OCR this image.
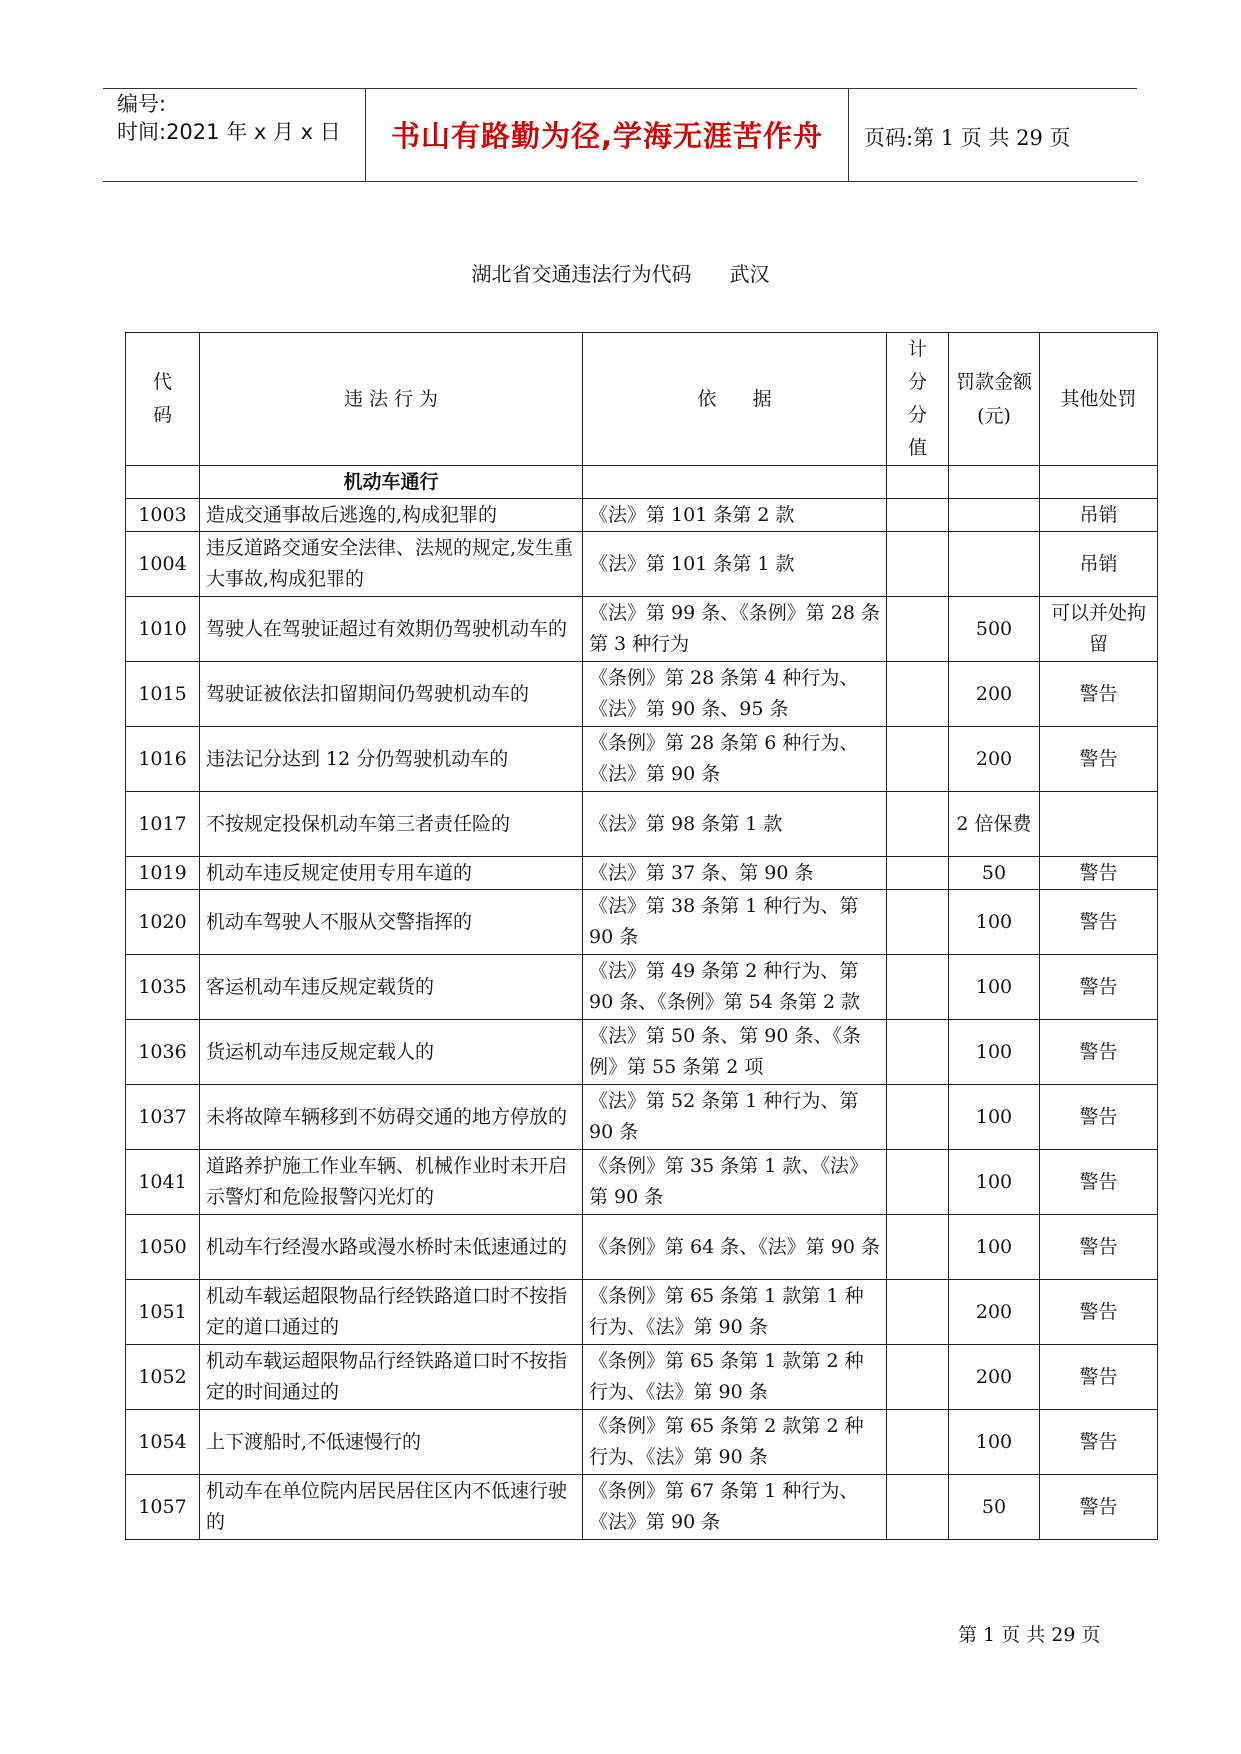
编号:
时间:2021 年 x 月 x 日	书山有路勤为径,学海无涯苦作舟	页码:第 1 页 共 29 页
湖北省交通违法行为代码 武汉
代码	违 法 行 为	依      据	计分分值	罚款金额(元)	其他处罚
	机动车通行				
1003	造成交通事故后逃逸的,构成犯罪的	《法》第 101 条第 2 款			吊销
1004	违反道路交通安全法律、法规的规定,发生重大事故,构成犯罪的	《法》第 101 条第 1 款			吊销
1010	驾驶人在驾驶证超过有效期仍驾驶机动车的	《法》第 99 条、《条例》第 28 条第 3 种行为		500	可以并处拘留
1015	驾驶证被依法扣留期间仍驾驶机动车的	《条例》第 28 条第 4 种行为、《法》第 90 条、95 条		200	警告
1016	违法记分达到 12 分仍驾驶机动车的	《条例》第 28 条第 6 种行为、《法》第 90 条		200	警告
1017	不按规定投保机动车第三者责任险的	《法》第 98 条第 1 款		2 倍保费	
1019	机动车违反规定使用专用车道的	《法》第 37 条、第 90 条		50	警告
1020	机动车驾驶人不服从交警指挥的	《法》第 38 条第 1 种行为、第 90 条		100	警告
1035	客运机动车违反规定载货的	《法》第 49 条第 2 种行为、第 90 条、《条例》第 54 条第 2 款		100	警告
1036	货运机动车违反规定载人的	《法》第 50 条、第 90 条、《条例》第 55 条第 2 项		100	警告
1037	未将故障车辆移到不妨碍交通的地方停放的	《法》第 52 条第 1 种行为、第 90 条		100	警告
1041	道路养护施工作业车辆、机械作业时未开启示警灯和危险报警闪光灯的	《条例》第 35 条第 1 款、《法》第 90 条		100	警告
1050	机动车行经漫水路或漫水桥时未低速通过的	《条例》第 64 条、《法》第 90 条		100	警告
1051	机动车载运超限物品行经铁路道口时不按指定的道口通过的	《条例》第 65 条第 1 款第 1 种行为、《法》第 90 条		200	警告
1052	机动车载运超限物品行经铁路道口时不按指定的时间通过的	《条例》第 65 条第 1 款第 2 种行为、《法》第 90 条		200	警告
1054	上下渡船时,不低速慢行的	《条例》第 65 条第 2 款第 2 种行为、《法》第 90 条		100	警告
1057	机动车在单位院内居民居住区内不低速行驶的	《条例》第 67 条第 1 种行为、《法》第 90 条		50	警告
第 1 页 共 29 页
